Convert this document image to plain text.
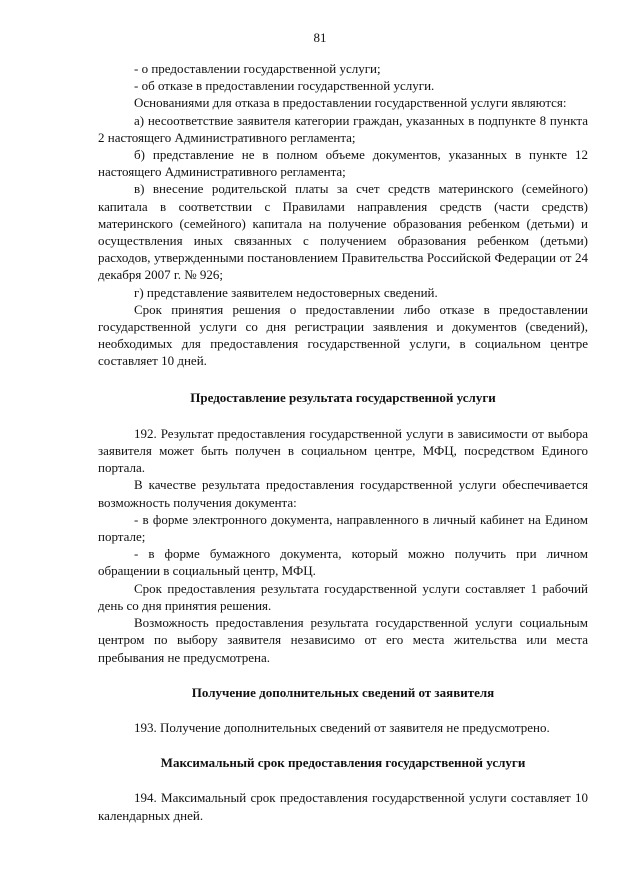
81

- о предоставлении государственной услуги;

- об отказе в предоставлении государственной услуги.

Основаниями для отказа в предоставлении государственной услуги являются:

а) несоответствие заявителя категории граждан, указанных в подпункте 8 пункта 2 настоящего Административного регламента;

б) представление не в полном объеме документов, указанных в пункте 12 настоящего Административного регламента;

в) внесение родительской платы за счет средств материнского (семейного) капитала в соответствии с Правилами направления средств (части средств) материнского (семейного) капитала на получение образования ребенком (детьми) и осуществления иных связанных с получением образования ребенком (детьми) расходов, утвержденными постановлением Правительства Российской Федерации от 24 декабря 2007 г. № 926;

г) представление заявителем недостоверных сведений.

Срок принятия решения о предоставлении либо отказе в предоставлении государственной услуги со дня регистрации заявления и документов (сведений), необходимых для предоставления государственной услуги, в социальном центре составляет 10 дней.

Предоставление результата государственной услуги

192. Результат предоставления государственной услуги в зависимости от выбора заявителя может быть получен в социальном центре, МФЦ, посредством Единого портала.

В качестве результата предоставления государственной услуги обеспечивается возможность получения документа:

- в форме электронного документа, направленного в личный кабинет на Едином портале;

- в форме бумажного документа, который можно получить при личном обращении в социальный центр, МФЦ.

Срок предоставления результата государственной услуги составляет 1 рабочий день со дня принятия решения.

Возможность предоставления результата государственной услуги социальным центром по выбору заявителя независимо от его места жительства или места пребывания не предусмотрена.

Получение дополнительных сведений от заявителя

193. Получение дополнительных сведений от заявителя не предусмотрено.

Максимальный срок предоставления государственной услуги

194. Максимальный срок предоставления государственной услуги составляет 10 календарных дней.
